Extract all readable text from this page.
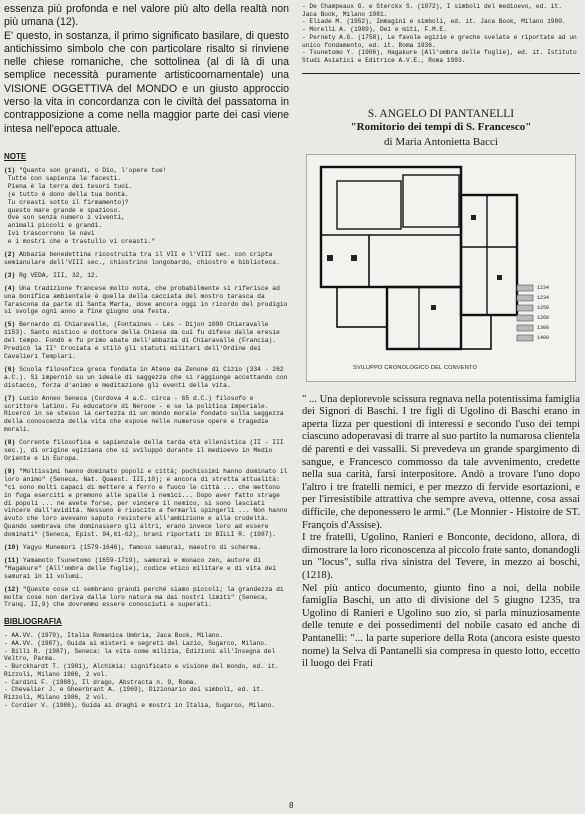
essenza più profonda e nel valore più alto della realtà non più umana (12).
E' questo, in sostanza, il primo significato basilare, di questo antichissimo simbolo che con particolare risalto si rinviene nelle chiese romaniche, che sottolinea (al di là di una semplice necessità puramente artisticoornamentale) una VISIONE OGGETTIVA del MONDO e un giusto approccio verso la vita in concordanza con le civiltà del passatoma in contrapposizione a come nella maggior parte dei casi viene intesa nell'epoca attuale.

NOTE

(1) "Quanto son grandi, o Dio, l'opere tue!
Tutte con sapienza le facesti.
Piena è la terra dei tesori tuoi.
(e tutto è dono della tua bontà.
Tu creasti sotto il firmamento)?
questo mare grande e spazioso.
Ove son senza numero i viventi,
animali piccoli e grandi.
Ivi trascorrono le navi
e i mostri che e trastullo vi creasti."

(2) Abbazia benedettina ricostruita tra il VII e l'VIII sec. con cripta semianulare dell'VIII sec., chiostrino longobardo, chiostro e biblioteca.

(3) Rg VEDA, III, 32, 12.

(4) Una tradizione francese molto nota, che probabilmente si riferisce ad una bonifica ambientale è quella della cacciata del mostro tarasca da Tarascona da parte di Santa Marta, dove ancora oggi in ricordo del prodigio si svolge ogni anno a fine giugno una festa.

(5) Bernardo di Chiaravalle, (Fontaines - Lès - Dijon 1090 Chiaravalle 1153). Santo mistico e dottore della Chiesa da cui fu difese dalle eresie del tempo. Fondò e fu primo abate dell'abbazia di Chiaravalle (Francia). Predicò la II° Crociata e stilò gli statuti militari dell'Ordine dei Cavalieri Templari.

(6) Scuola filosofica greca fondata in Atene da Zenone di Cizio (334 - 262 a.C.). Si imperniò su un ideale di saggezza che si raggiunge accettando con distacco, forza d'animo e meditazione gli eventi della vita.

(7) Lucio Anneo Seneca (Cordova 4 a.C. circa - 65 d.C.) filosofo e scrittore latino. Fu educatore di Nerone - e se la politica imperiale. Ricercò in se stesso la certezza di un mondo morale fondato sulla saggezza della conoscenza della vita che espose nelle numerose opere e tragedie morali.

(8) Corrente filosofica e sapienzale della tarda età ellenistica (II - III sec.), di origine egiziana che si sviluppò durante il medioevo in Medio Oriente e in Europa.

(9) "Moltissimi hanno dominato popoli e città; pochissimi hanno dominato il loro animo" (Seneca, Nat. Quaest. III,10); e ancora di stretta attualità: "ci sono molti capaci di mettere a ferro e fuoco le città ... che mettono in fuga eserciti e premono alle spalle i nemici... Dopo aver fatto strage di popoli ... ne avete forse, per vincere il nemico, si sono lasciati vincere dall'avidità. Nessuno è riuscito a fermarli spingerli ... Non hanno avuto che loro avevano saputo resistere all'ambizione e alla crudeltà. Quando sembrava che dominassero gli altri, erano invece loro ad essere dominati" (Seneca, Epist. 94,61-62), brani riportati in BILLI R. (1987).

(10) Yagyu Munemori (1579-1646), famoso samurai, maestro di scherma.

(11) Yamamoto Tsunetomo (1659-1719), samurai e monaco zen, autore di "Hagakure" (All'ombra delle foglie), codice etico militare e di vita dei samurai in 11 volumi.

(12) "Queste cose ci sembrano grandi perché siamo piccoli; la grandezza di molte cose non deriva dalla loro natura ma dai nostri limiti" (Seneca, Tranq. II,9) che dovremmo essere conosciuti e superati.

BIBLIOGRAFIA

- AA.VV. (1979), Italia Romanica Umbria, Jaca Book, Milano.

- AA.VV. (1987), Guida ai misteri e segreti del Lazio, Sugarco, Milano.

- Billi R. (1987), Seneca: la vita come milizia, Edizioni all'Insegna del Veltro, Parma.

- Burckhardt T. (1981), Alchimia: significato e visione del mondo, ed. it. Rizzoli, Milano 1986, 2 vol.

- Cardini F. (1988), Il drago, Abstracta n. 9, Roma.

- Chevalier J. e Gheerbrant A. (1969), Dizionario dei simboli, ed. it. Rizzoli, Milano 1986, 2 vol.

- Cordier V. (1986), Guida ai draghi e mostri in Italia, Sugarco, Milano.

- De Champeaux G. e Sterckx S. (1972), I simboli del medioevo, ed. it. Jaca Book, Milano 1981.

- Eliade M. (1952), Immagini e simboli, ed. it. Jaca Book, Milano 1980.

- Morelli A. (1989), Dei e miti, F.M.E.

- Pernety A.G. (1758), Le favole egizie e greche svelate e riportate ad un unico fondamento, ed. it. Roma 1936.

- Tsunetomo Y. (1906), Hagakure (All'ombra delle foglie), ed. it. Istituto Studi Asiatici e Editrice A.V.E., Roma 1993.

S. ANGELO DI PANTANELLI

"Romitorio dei tempi di S. Francesco"

di Maria Antonietta Bacci

1234
1234
1250
1260
1300
1400
SVILUPPO CRONOLOGICO DEL CONVENTO

" ... Una deplorevole scissura regnava nella potentissima famiglia dei Signori di Baschi. I tre figli di Ugolino di Baschi erano in aperta lizza per questioni di interessi e secondo l'uso dei tempi ciascuno adoperavasi di trarre al suo partito la numarosa clientela dé parenti e dei vassalli. Si prevedeva un grande spargimento di sangue, e Francesco commosso da tale avvenimento, credette nella sua carità, farsi interpositore. Andò a trovare l'uno dopo l'altro i tre fratelli nemici, e per mezzo di fervide esortazioni, e per l'irresistibile attrattiva che sempre aveva, ottenne, cosa assai difficile, che deponessero le armi." (Le Monnier - Histoire de ST. François d'Assise).
I tre fratelli, Ugolino, Ranieri e Bonconte, decidono, allora, di dimostrare la loro riconoscenza al piccolo frate santo, donandogli un "locus", sulla riva sinistra del Tevere, in mezzo ai boschi, (1218).
Nel più antico documento, giunto fino a noi, della nobile famiglia Baschi, un atto di divisione del 5 giugno 1235, tra Ugolino di Ranieri e Ugolino suo zio, si parla minuziosamente delle tenute e dei possedimenti del nobile casato ed anche di Pantanelli: "... la parte superiore della Rota (ancora esiste questo nome) la Selva di Pantanelli sia compresa in questo lotto, eccetto il luogo dei Frati

8
